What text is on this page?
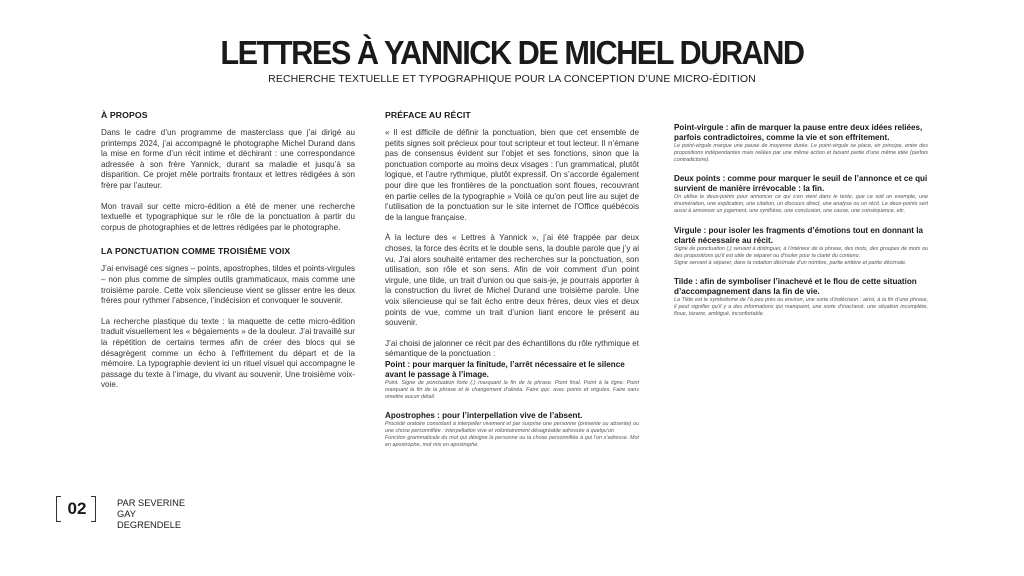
LETTRES À YANNICK DE MICHEL DURAND

RECHERCHE TEXTUELLE ET TYPOGRAPHIQUE POUR LA CONCEPTION D’UNE MICRO-ÉDITION

À PROPOS

Dans le cadre d’un programme de masterclass que j’ai dirigé au printemps 2024, j’ai accompagné le photographe Michel Durand dans la mise en forme d’un récit intime et déchirant : une correspondance adressée à son frère Yannick, durant sa maladie et jusqu’à sa disparition. Ce projet mêle portraits frontaux et lettres rédigées à son frère par l’auteur.

Mon travail sur cette micro-édition a été de mener une recherche textuelle et typographique sur le rôle de la ponctuation à partir du corpus de photographies et de lettres rédigées par le photographe.

LA PONCTUATION COMME TROISIÈME VOIX

J’ai envisagé ces signes – points, apostrophes, tildes et points-virgules – non plus comme de simples outils grammaticaux, mais comme une troisième parole. Cette voix silencieuse vient se glisser entre les deux frères pour rythmer l’absence, l’indécision et convoquer le souvenir.

La recherche plastique du texte : la maquette de cette micro-édition traduit visuellement les « bégaiements » de la douleur. J’ai travaillé sur la répétition de certains termes afin de créer des blocs qui se désagrègent comme un écho à l’effritement du départ et de la mémoire. La typographie devient ici un rituel visuel qui accompagne le passage du texte à l’image, du vivant au souvenir. Une troisième voix-voie.

PRÉFACE AU RÉCIT

« Il est difficile de définir la ponctuation, bien que cet ensemble de petits signes soit précieux pour tout scripteur et tout lecteur. Il n’émane pas de consensus évident sur l’objet et ses fonctions, sinon que la ponctuation comporte au moins deux visages : l’un grammatical, plutôt logique, et l’autre rythmique, plutôt expressif. On s’accorde également pour dire que les frontières de la ponctuation sont floues, recouvrant en partie celles de la typographie » Voilà ce qu’on peut lire au sujet de l’utilisation de la ponctuation sur le site internet de l’Office québécois de la langue française.

À la lecture des « Lettres à Yannick », j’ai été frappée par deux choses, la force des écrits et le double sens, la double parole que j’y ai vu. J’ai alors souhaité entamer des recherches sur la ponctuation, son utilisation, son rôle et son sens. Afin de voir comment d’un point virgule, une tilde, un trait d’union ou que sais-je, je pourrais apporter à la construction du livret de Michel Durand une troisième parole. Une voix silencieuse qui se fait écho entre deux frères, deux vies et deux points de vue, comme un trait d’union liant encore le présent au souvenir.

J’ai choisi de jalonner ce récit par des échantillons du rôle rythmique et sémantique de la ponctuation :

Point : pour marquer la finitude, l’arrêt nécessaire et le silence avant le passage à l’image.

Point. Signe de ponctuation forte (.) marquant la fin de la phrase. Point final. Point à la ligne. Point marquant la fin de la phrase et le changement d’alinéa. Faire qqc. avec points et virgules. Faire sans omettre aucun détail.

Apostrophes : pour l’interpellation vive de l’absent.

Procédé oratoire consistant à interpeller vivement et par surprise une personne (présente ou absente) ou une chose personnifiée : interpellation vive et volontairement désagréable adressée à quelqu’un
Fonction grammaticale du mot qui désigne la personne ou la chose personnifiée à qui l’on s’adresse. Mot en apostrophe, mot mis en apostrophe.

Point-virgule : afin de marquer la pause entre deux idées reliées, parfois contradictoires, comme la vie et son effritement.

Le point-virgule marque une pause de moyenne durée. Le point-virgule se place, en principe, entre des propositions indépendantes mais reliées par une même action et faisant partie d’une même idée (parfois contradictoire).

Deux points : comme pour marquer le seuil de l’annonce et ce qui survient de manière irrévocable : la fin.

On utilise le deux-points pour annoncer ce qui s’en vient dans le texte, que ce soit un exemple, une énumération, une explication, une citation, un discours direct, une analyse ou un récit. Le deux-points sert aussi à annoncer un jugement, une synthèse, une conclusion, une cause, une conséquence, etc.

Virgule : pour isoler les fragments d’émotions tout en donnant la clarté nécessaire au récit.

Signe de ponctuation (,) servant à distinguer, à l’intérieur de la phrase, des mots, des groupes de mots ou des propositions qu’il est utile de séparer ou d’isoler pour la clarté du contenu.
Signe servant à séparer, dans la notation décimale d’un nombre, partie entière et partie décimale.

Tilde : afin de symboliser l’inachevé et le flou de cette situation d’accompagnement dans la fin de vie.

La Tilde est le symbolisme de l’à peu près ou environ, une sorte d’indécision : ainsi, à la fin d’une phrase, il peut signifier qu’il y a des informations qui manquent, une sorte d’inachevé, une situation incomplète, floue, bizarre, ambiguë, inconfortable.

02	PAR SEVERINE GAY
DEGRENDELE
